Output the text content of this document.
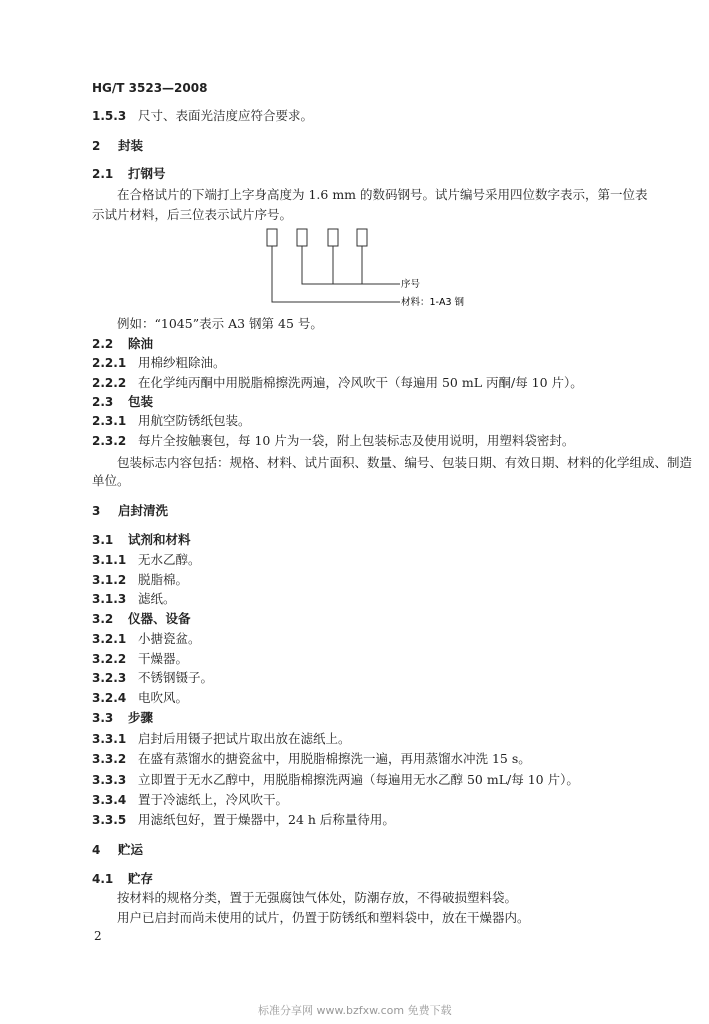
HG/T 3523—2008
1.5.3 尺寸、表面光洁度应符合要求。
2 封装
2.1 打钢号
在合格试片的下端打上字身高度为 1.6 mm 的数码钢号。试片编号采用四位数字表示，第一位表
示试片材料，后三位表示试片序号。
序号
材料：1-A3 钢
例如：“1045”表示 A3 钢第 45 号。
2.2 除油
2.2.1 用棉纱粗除油。
2.2.2 在化学纯丙酮中用脱脂棉擦洗两遍，冷风吹干（每遍用 50 mL 丙酮/每 10 片）。
2.3 包装
2.3.1 用航空防锈纸包装。
2.3.2 每片全按触裹包，每 10 片为一袋，附上包装标志及使用说明，用塑料袋密封。
包装标志内容包括：规格、材料、试片面积、数量、编号、包装日期、有效日期、材料的化学组成、制造
单位。
3 启封清洗
3.1 试剂和材料
3.1.1 无水乙醇。
3.1.2 脱脂棉。
3.1.3 滤纸。
3.2 仪器、设备
3.2.1 小搪瓷盆。
3.2.2 干燥器。
3.2.3 不锈钢镊子。
3.2.4 电吹风。
3.3 步骤
3.3.1 启封后用镊子把试片取出放在滤纸上。
3.3.2 在盛有蒸馏水的搪瓷盆中，用脱脂棉擦洗一遍，再用蒸馏水冲洗 15 s。
3.3.3 立即置于无水乙醇中，用脱脂棉擦洗两遍（每遍用无水乙醇 50 mL/每 10 片）。
3.3.4 置于冷滤纸上，冷风吹干。
3.3.5 用滤纸包好，置于燥器中，24 h 后称量待用。
4 贮运
4.1 贮存
按材料的规格分类，置于无强腐蚀气体处，防潮存放，不得破损塑料袋。
用户已启封而尚未使用的试片，仍置于防锈纸和塑料袋中，放在干燥器内。
2
标准分享网 www.bzfxw.com 免费下载
